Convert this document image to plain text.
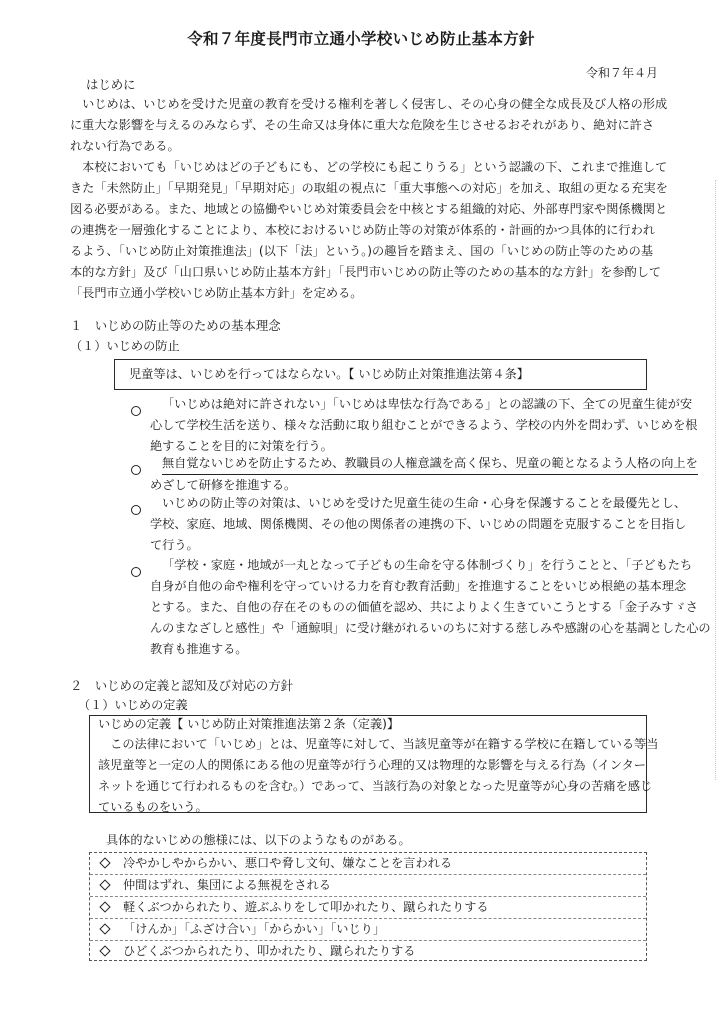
令和７年度長門市立通小学校いじめ防止基本方針
令和７年４月
はじめに
　いじめは、いじめを受けた児童の教育を受ける権利を著しく侵害し、その心身の健全な成長及び人格の形成
に重大な影響を与えるのみならず、その生命又は身体に重大な危険を生じさせるおそれがあり、絶対に許さ
れない行為である。
　本校においても「いじめはどの子どもにも、どの学校にも起こりうる」という認識の下、これまで推進して
きた「未然防止」「早期発見」「早期対応」の取組の視点に「重大事態への対応」を加え、取組の更なる充実を
図る必要がある。また、地域との協働やいじめ対策委員会を中核とする組織的対応、外部専門家や関係機関と
の連携を一層強化することにより、本校におけるいじめ防止等の対策が体系的・計画的かつ具体的に行われ
るよう、「いじめ防止対策推進法」(以下「法」という。)の趣旨を踏まえ、国の「いじめの防止等のための基
本的な方針」及び「山口県いじめ防止基本方針」「長門市いじめの防止等のための基本的な方針」を参酌して
「長門市立通小学校いじめ防止基本方針」を定める。
１　いじめの防止等のための基本理念
（１）いじめの防止
児童等は、いじめを行ってはならない。【 いじめ防止対策推進法第４条】
「いじめは絶対に許されない」「いじめは卑怯な行為である」との認識の下、全ての児童生徒が安
心して学校生活を送り、様々な活動に取り組むことができるよう、学校の内外を問わず、いじめを根
絶することを目的に対策を行う。
無自覚ないじめを防止するため、教職員の人権意識を高く保ち、児童の範となるよう人格の向上を
めざして研修を推進する。
いじめの防止等の対策は、いじめを受けた児童生徒の生命・心身を保護することを最優先とし、
学校、家庭、地域、関係機関、その他の関係者の連携の下、いじめの問題を克服することを目指し
て行う。
「学校・家庭・地域が一丸となって子どもの生命を守る体制づくり」を行うことと、「子どもたち
自身が自他の命や権利を守っていける力を育む教育活動」を推進することをいじめ根絶の基本理念
とする。また、自他の存在そのものの価値を認め、共によりよく生きていこうとする「金子みすゞさ
んのまなざしと感性」や「通鯨唄」に受け継がれるいのちに対する慈しみや感謝の心を基調とした心の
教育も推進する。
２　いじめの定義と認知及び対応の方針
（１）いじめの定義
いじめの定義【 いじめ防止対策推進法第２条（定義)】
　この法律において「いじめ」とは、児童等に対して、当該児童等が在籍する学校に在籍している等当
該児童等と一定の人的関係にある他の児童等が行う心理的又は物理的な影響を与える行為（インター
ネットを通じて行われるものを含む。）であって、当該行為の対象となった児童等が心身の苦痛を感じ
ているものをいう。
具体的ないじめの態様には、以下のようなものがある。
冷やかしやからかい、悪口や脅し文句、嫌なことを言われる
仲間はずれ、集団による無視をされる
軽くぶつかられたり、遊ぶふりをして叩かれたり、蹴られたりする
「けんか」「ふざけ合い」「からかい」「いじり」
ひどくぶつかられたり、叩かれたり、蹴られたりする
